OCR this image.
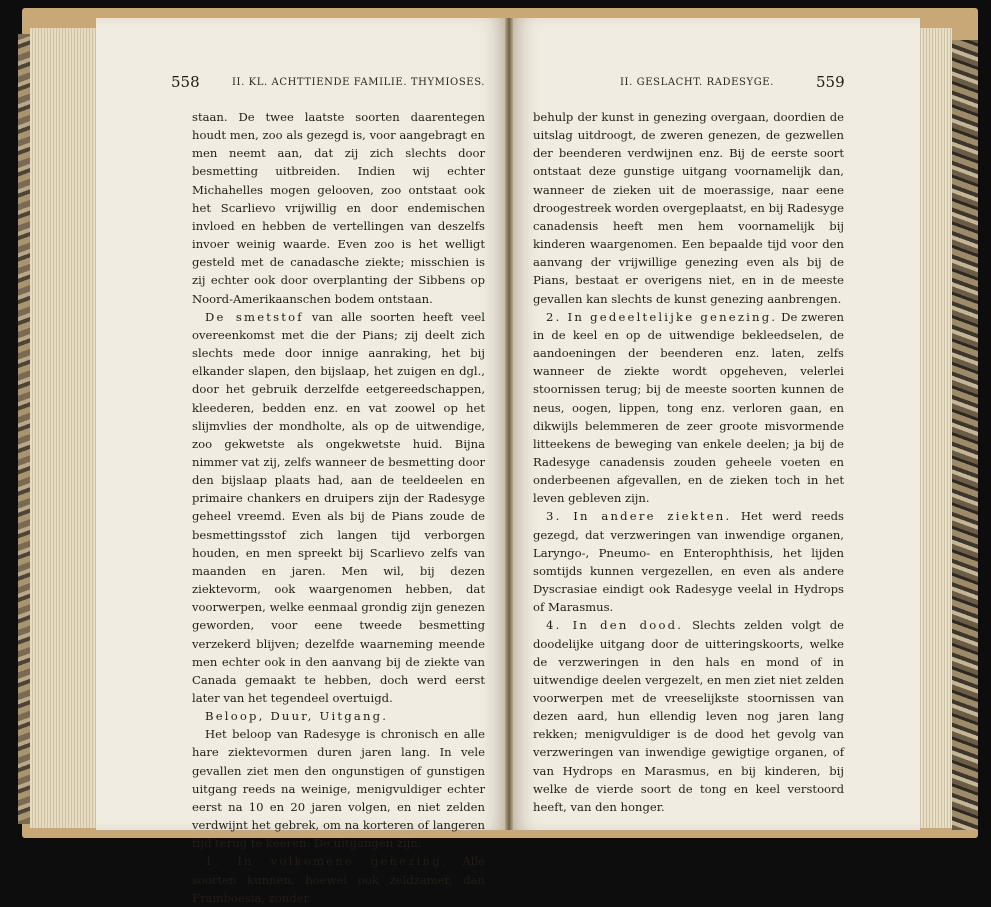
558	II. KL. ACHTTIENDE FAMILIE. THYMIOSES.	II. GESLACHT. RADESYGE.	559

staan. De twee laatste soorten daarentegen houdt men, zoo als gezegd is, voor aangebragt en men neemt aan, dat zij zich slechts door besmetting uitbreiden. Indien wij echter Michahelles mogen gelooven, zoo ontstaat ook het Scarlievo vrijwillig en door endemischen invloed en hebben de vertellingen van deszelfs invoer weinig waarde. Even zoo is het welligt gesteld met de canadasche ziekte; misschien is zij echter ook door overplanting der Sibbens op Noord-Amerikaanschen bodem ontstaan.

De smetstof van alle soorten heeft veel overeenkomst met die der Pians; zij deelt zich slechts mede door innige aanraking, het bij elkander slapen, den bijslaap, het zuigen en dgl., door het gebruik derzelfde eetgereedschappen, kleederen, bedden enz. en vat zoowel op het slijmvlies der mondholte, als op de uitwendige, zoo gekwetste als ongekwetste huid. Bijna nimmer vat zij, zelfs wanneer de besmetting door den bijslaap plaats had, aan de teeldeelen en primaire chankers en druipers zijn der Radesyge geheel vreemd. Even als bij de Pians zoude de besmettingsstof zich langen tijd verborgen houden, en men spreekt bij Scarlievo zelfs van maanden en jaren. Men wil, bij dezen ziektevorm, ook waargenomen hebben, dat voorwerpen, welke eenmaal grondig zijn genezen geworden, voor eene tweede besmetting verzekerd blijven; dezelfde waarneming meende men echter ook in den aanvang bij de ziekte van Canada gemaakt te hebben, doch werd eerst later van het tegendeel overtuigd.

Beloop, Duur, Uitgang.

Het beloop van Radesyge is chronisch en alle hare ziektevormen duren jaren lang. In vele gevallen ziet men den ongunstigen of gunstigen uitgang reeds na weinige, menigvuldiger echter eerst na 10 en 20 jaren volgen, en niet zelden verdwijnt het gebrek, om na korteren of langeren tijd terug te keeren. De uitgangen zijn:

1. In volkomene genezing. Alle soorten kunnen, hoewel ook zeldzamer, dan Framboesia, zonder

behulp der kunst in genezing overgaan, doordien de uitslag uitdroogt, de zweren genezen, de gezwellen der beenderen verdwijnen enz. Bij de eerste soort ontstaat deze gunstige uitgang voornamelijk dan, wanneer de zieken uit de moerassige, naar eene droogestreek worden overgeplaatst, en bij Radesyge canadensis heeft men hem voornamelijk bij kinderen waargenomen. Een bepaalde tijd voor den aanvang der vrijwillige genezing even als bij de Pians, bestaat er overigens niet, en in de meeste gevallen kan slechts de kunst genezing aanbrengen.

2. In gedeeltelijke genezing. De zweren in de keel en op de uitwendige bekleedselen, de aandoeningen der beenderen enz. laten, zelfs wanneer de ziekte wordt opgeheven, velerlei stoornissen terug; bij de meeste soorten kunnen de neus, oogen, lippen, tong enz. verloren gaan, en dikwijls belemmeren de zeer groote misvormende litteekens de beweging van enkele deelen; ja bij de Radesyge canadensis zouden geheele voeten en onderbeenen afgevallen, en de zieken toch in het leven gebleven zijn.

3. In andere ziekten. Het werd reeds gezegd, dat verzweringen van inwendige organen, Laryngo-, Pneumo- en Enterophthisis, het lijden somtijds kunnen vergezellen, en even als andere Dyscrasiae eindigt ook Radesyge veelal in Hydrops of Marasmus.

4. In den dood. Slechts zelden volgt de doodelijke uitgang door de uitteringskoorts, welke de verzweringen in den hals en mond of in uitwendige deelen vergezelt, en men ziet niet zelden voorwerpen met de vreeselijkste stoornissen van dezen aard, hun ellendig leven nog jaren lang rekken; menigvuldiger is de dood het gevolg van verzweringen van inwendige gewigtige organen, of van Hydrops en Marasmus, en bij kinderen, bij welke de vierde soort de tong en keel verstoord heeft, van den honger.
